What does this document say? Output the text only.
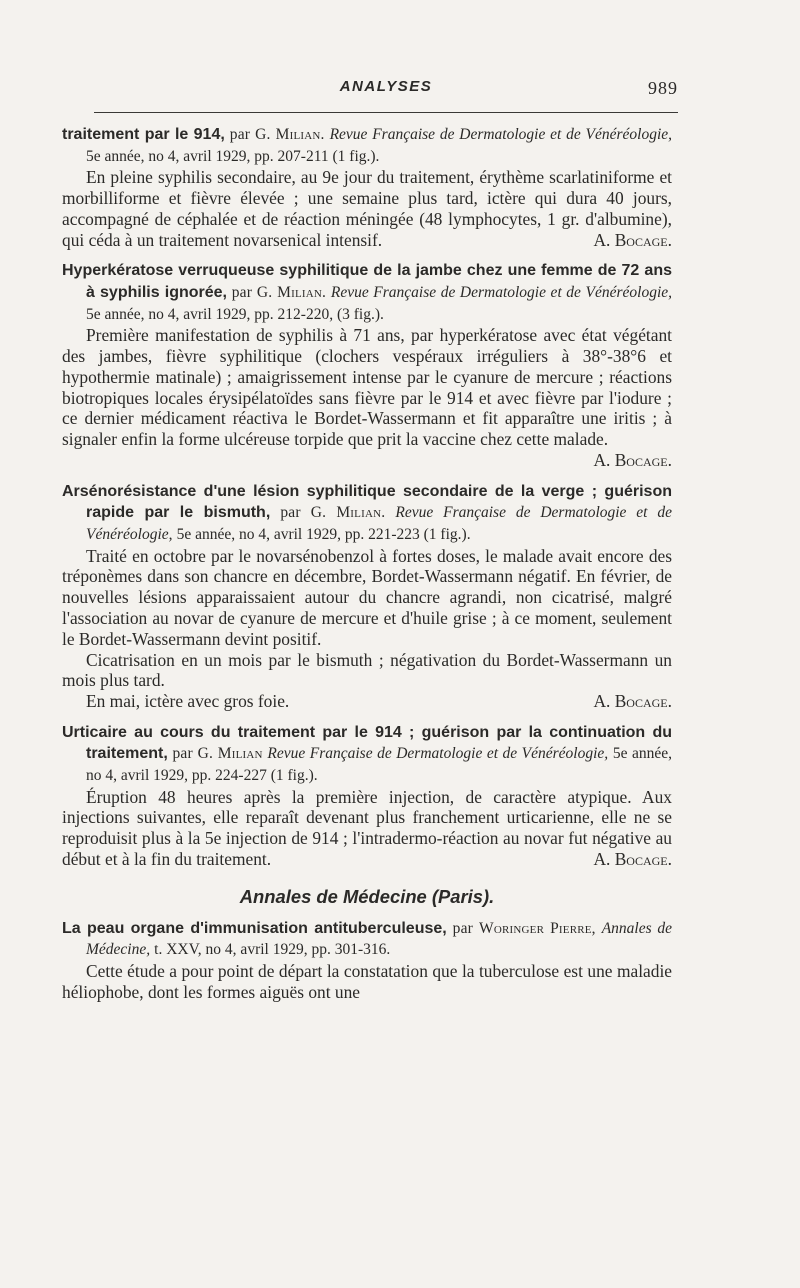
ANALYSES	989

traitement par le 914, par G. Milian. Revue Française de Dermatologie et de Vénéréologie, 5e année, no 4, avril 1929, pp. 207-211 (1 fig.).

En pleine syphilis secondaire, au 9e jour du traitement, érythème scarlatiniforme et morbilliforme et fièvre élevée ; une semaine plus tard, ictère qui dura 40 jours, accompagné de céphalée et de réaction méningée (48 lymphocytes, 1 gr. d'albumine), qui céda à un traitement novarsenical intensif.	A. Bocage.

Hyperkératose verruqueuse syphilitique de la jambe chez une femme de 72 ans à syphilis ignorée, par G. Milian. Revue Française de Dermatologie et de Vénéréologie, 5e année, no 4, avril 1929, pp. 212-220, (3 fig.).

Première manifestation de syphilis à 71 ans, par hyperkératose avec état végétant des jambes, fièvre syphilitique (clochers vespéraux irréguliers à 38°-38°6 et hypothermie matinale) ; amaigrissement intense par le cyanure de mercure ; réactions biotropiques locales érysipélatoïdes sans fièvre par le 914 et avec fièvre par l'iodure ; ce dernier médicament réactiva le Bordet-Wassermann et fit apparaître une iritis ; à signaler enfin la forme ulcéreuse torpide que prit la vaccine chez cette malade.
A. Bocage.

Arsénorésistance d'une lésion syphilitique secondaire de la verge ; guérison rapide par le bismuth, par G. Milian. Revue Française de Dermatologie et de Vénéréologie, 5e année, no 4, avril 1929, pp. 221-223 (1 fig.).

Traité en octobre par le novarsénobenzol à fortes doses, le malade avait encore des tréponèmes dans son chancre en décembre, Bordet-Wassermann négatif. En février, de nouvelles lésions apparaissaient autour du chancre agrandi, non cicatrisé, malgré l'association au novar de cyanure de mercure et d'huile grise ; à ce moment, seulement le Bordet-Wassermann devint positif.

Cicatrisation en un mois par le bismuth ; négativation du Bordet-Wassermann un mois plus tard.

En mai, ictère avec gros foie.	A. Bocage.

Urticaire au cours du traitement par le 914 ; guérison par la continuation du traitement, par G. Milian Revue Française de Dermatologie et de Vénéréologie, 5e année, no 4, avril 1929, pp. 224-227 (1 fig.).

Éruption 48 heures après la première injection, de caractère atypique. Aux injections suivantes, elle reparaît devenant plus franchement urticarienne, elle ne se reproduisit plus à la 5e injection de 914 ; l'intradermo-réaction au novar fut négative au début et à la fin du traitement.	A. Bocage.

Annales de Médecine (Paris).

La peau organe d'immunisation antituberculeuse, par Woringer Pierre, Annales de Médecine, t. XXV, no 4, avril 1929, pp. 301-316.

Cette étude a pour point de départ la constatation que la tuberculose est une maladie héliophobe, dont les formes aiguës ont une
